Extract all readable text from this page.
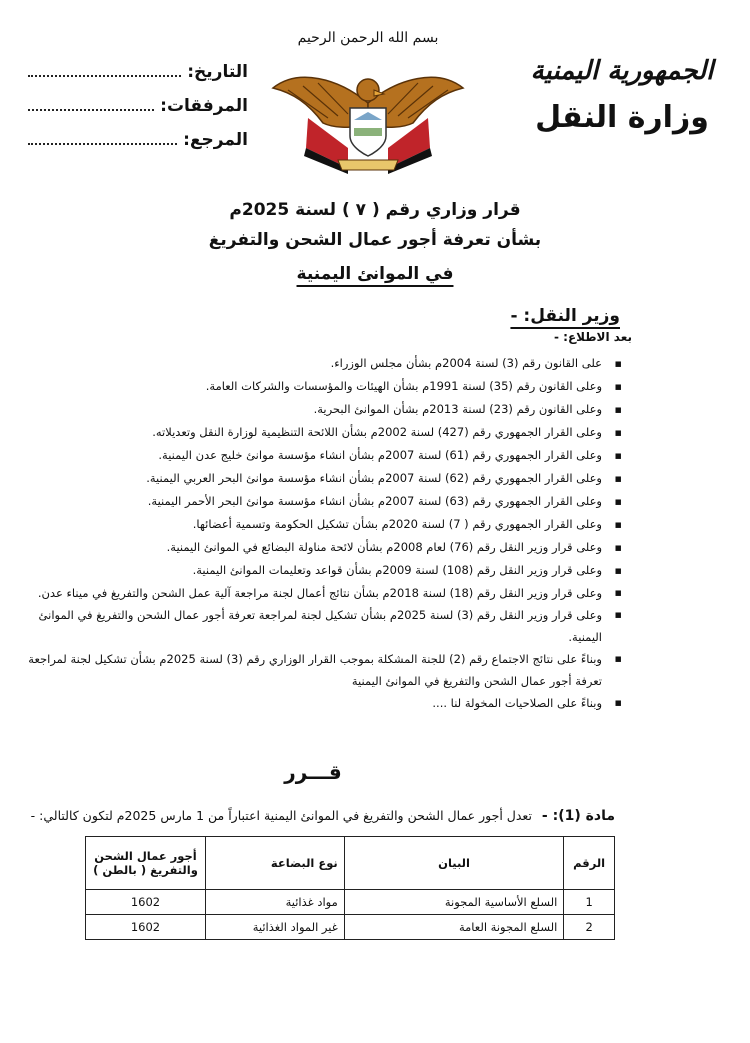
التاريخ:
المرفقات:
المرجع:
بسم الله الرحمن الرحيم
الجمهورية اليمنية
وزارة النقل
قرار وزاري رقم ( ٧ ) لسنة 2025م
بشأن تعرفة أجور عمال الشحن والتفريغ
في الموانئ اليمنية
وزير النقل: -
بعد الاطلاع: -
▪ على القانون رقم (3) لسنة 2004م بشأن مجلس الوزراء.
▪ وعلى القانون رقم (35) لسنة 1991م بشأن الهيئات والمؤسسات والشركات العامة.
▪ وعلى القانون رقم (23) لسنة 2013م بشأن الموانئ البحرية.
▪ وعلى القرار الجمهوري رقم (427) لسنة 2002م بشأن اللائحة التنظيمية لوزارة النقل وتعديلاته.
▪ وعلى القرار الجمهوري رقم (61) لسنة 2007م بشأن انشاء مؤسسة موانئ خليج عدن اليمنية.
▪ وعلى القرار الجمهوري رقم (62) لسنة 2007م بشأن انشاء مؤسسة موانئ البحر العربي اليمنية.
▪ وعلى القرار الجمهوري رقم (63) لسنة 2007م بشأن انشاء مؤسسة موانئ البحر الأحمر اليمنية.
▪ وعلى القرار الجمهوري رقم ( 7) لسنة 2020م بشأن تشكيل الحكومة وتسمية أعضائها.
▪ وعلى قرار وزير النقل رقم (76) لعام 2008م بشأن لائحة مناولة البضائع في الموانئ اليمنية.
▪ وعلى قرار وزير النقل رقم (108) لسنة 2009م بشأن قواعد وتعليمات الموانئ اليمنية.
▪ وعلى قرار وزير النقل رقم (18) لسنة 2018م بشأن نتائج أعمال لجنة مراجعة آلية عمل الشحن والتفريغ في ميناء عدن.
▪ وعلى قرار وزير النقل رقم (3) لسنة 2025م بشأن تشكيل لجنة لمراجعة تعرفة أجور عمال الشحن والتفريغ في الموانئ اليمنية.
▪ وبناءً على نتائج الاجتماع رقم (2) للجنة المشكلة بموجب القرار الوزاري رقم (3) لسنة 2025م بشأن تشكيل لجنة لمراجعة تعرفة أجور عمال الشحن والتفريغ في الموانئ اليمنية
▪ وبناءً على الصلاحيات المخولة لنا ....
قـــرر
مادة (1): - تعدل أجور عمال الشحن والتفريغ في الموانئ اليمنية اعتباراً من 1 مارس 2025م لتكون كالتالي: -
الرقم	البيان	نوع البضاعة	أجور عمال الشحن والتفريغ ( بالطن )
1	السلع الأساسية المجونة	مواد غذائية	1602
2	السلع المجونة العامة	غير المواد الغذائية	1602
